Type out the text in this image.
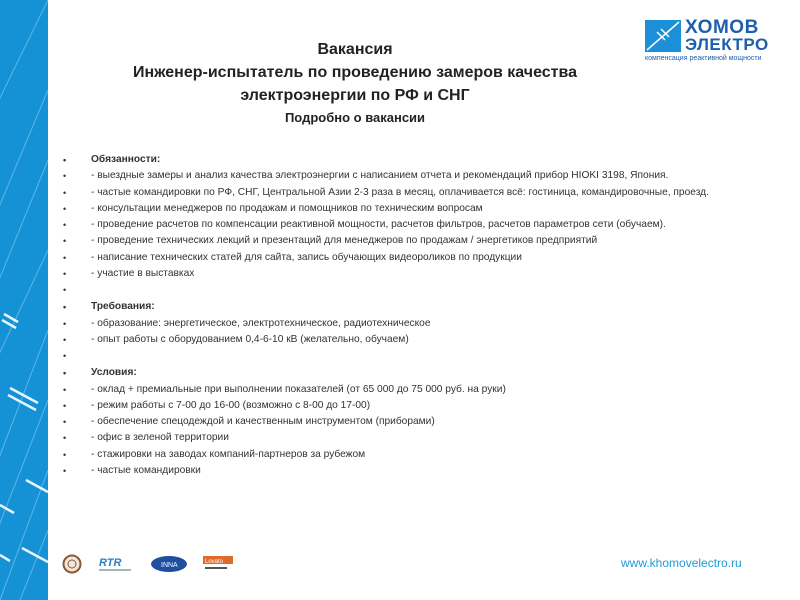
ХОМОВ
ЭЛЕКТРО
компенсация реактивной мощности
Вакансия
Инженер-испытатель по проведению замеров качества
электроэнергии по РФ и СНГ
Подробно о вакансии
• Обязанности:
• - выездные замеры и анализ качества электроэнергии с написанием отчета и рекомендаций прибор HIOKI 3198, Япония.
• - частые командировки по РФ, СНГ, Центральной Азии 2-3 раза в месяц, оплачивается всё: гостиница, командировочные, проезд.
• - консультации менеджеров по продажам и помощников по техническим вопросам
• - проведение расчетов по компенсации реактивной мощности, расчетов фильтров, расчетов параметров сети (обучаем).
• - проведение технических лекций и презентаций для менеджеров по продажам / энергетиков предприятий
• - написание технических статей для сайта, запись обучающих видеороликов по продукции
• - участие в выставках
•
• Требования:
• - образование: энергетическое, электротехническое, радиотехническое
• - опыт работы с оборудованием 0,4-6-10 кВ (желательно, обучаем)
•
• Условия:
• - оклад + премиальные при выполнении показателей (от 65 000 до 75 000 руб. на руки)
• - режим работы с 7-00 до 16-00 (возможно с 8-00 до 17-00)
• - обеспечение спецодеждой и качественным инструментом (приборами)
• - офис в зеленой территории
• - стажировки на заводах компаний-партнеров за рубежом
• - частые командировки
RTR	INNA	Lovato	www.khomovelectro.ru
